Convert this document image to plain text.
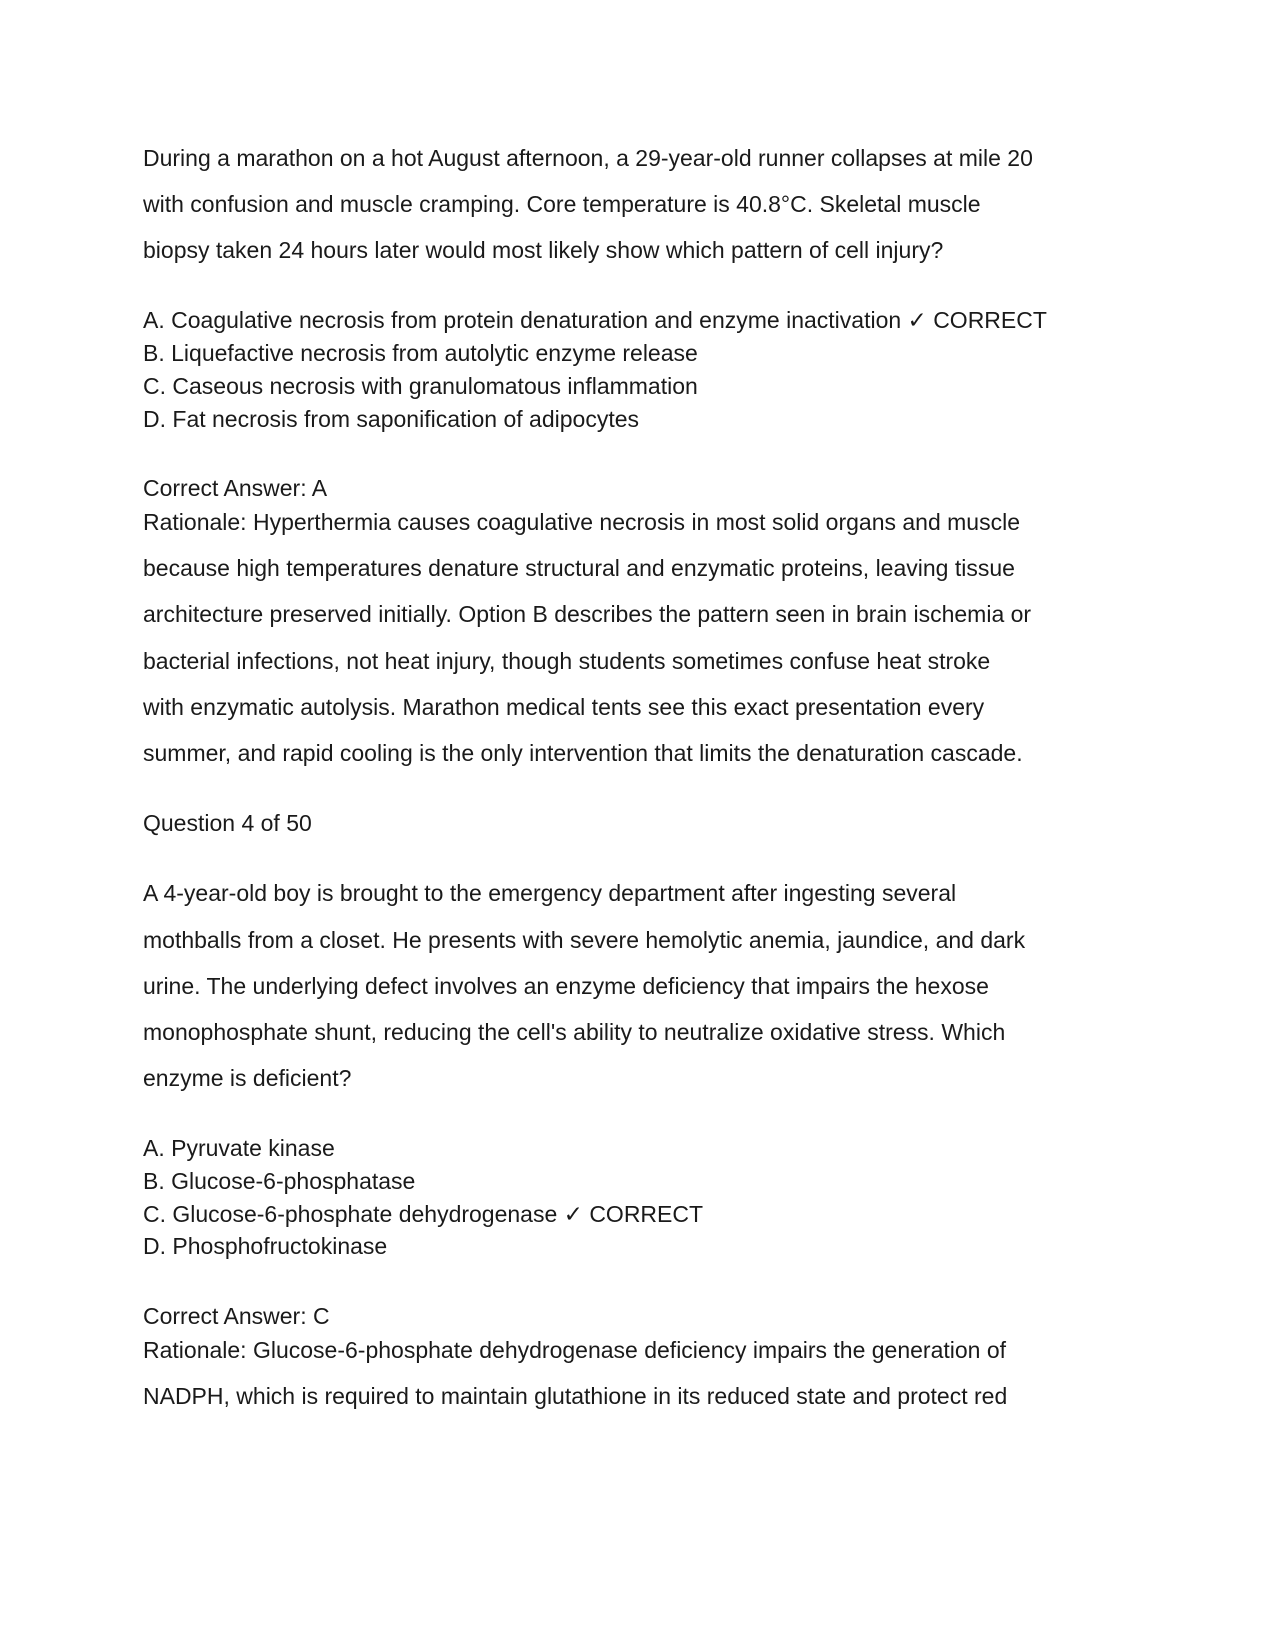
During a marathon on a hot August afternoon, a 29-year-old runner collapses at mile 20
with confusion and muscle cramping. Core temperature is 40.8°C. Skeletal muscle
biopsy taken 24 hours later would most likely show which pattern of cell injury?
A. Coagulative necrosis from protein denaturation and enzyme inactivation ✓ CORRECT
B. Liquefactive necrosis from autolytic enzyme release
C. Caseous necrosis with granulomatous inflammation
D. Fat necrosis from saponification of adipocytes
Correct Answer: A
Rationale: Hyperthermia causes coagulative necrosis in most solid organs and muscle
because high temperatures denature structural and enzymatic proteins, leaving tissue
architecture preserved initially. Option B describes the pattern seen in brain ischemia or
bacterial infections, not heat injury, though students sometimes confuse heat stroke
with enzymatic autolysis. Marathon medical tents see this exact presentation every
summer, and rapid cooling is the only intervention that limits the denaturation cascade.
Question 4 of 50
A 4-year-old boy is brought to the emergency department after ingesting several
mothballs from a closet. He presents with severe hemolytic anemia, jaundice, and dark
urine. The underlying defect involves an enzyme deficiency that impairs the hexose
monophosphate shunt, reducing the cell's ability to neutralize oxidative stress. Which
enzyme is deficient?
A. Pyruvate kinase
B. Glucose-6-phosphatase
C. Glucose-6-phosphate dehydrogenase ✓ CORRECT
D. Phosphofructokinase
Correct Answer: C
Rationale: Glucose-6-phosphate dehydrogenase deficiency impairs the generation of
NADPH, which is required to maintain glutathione in its reduced state and protect red
